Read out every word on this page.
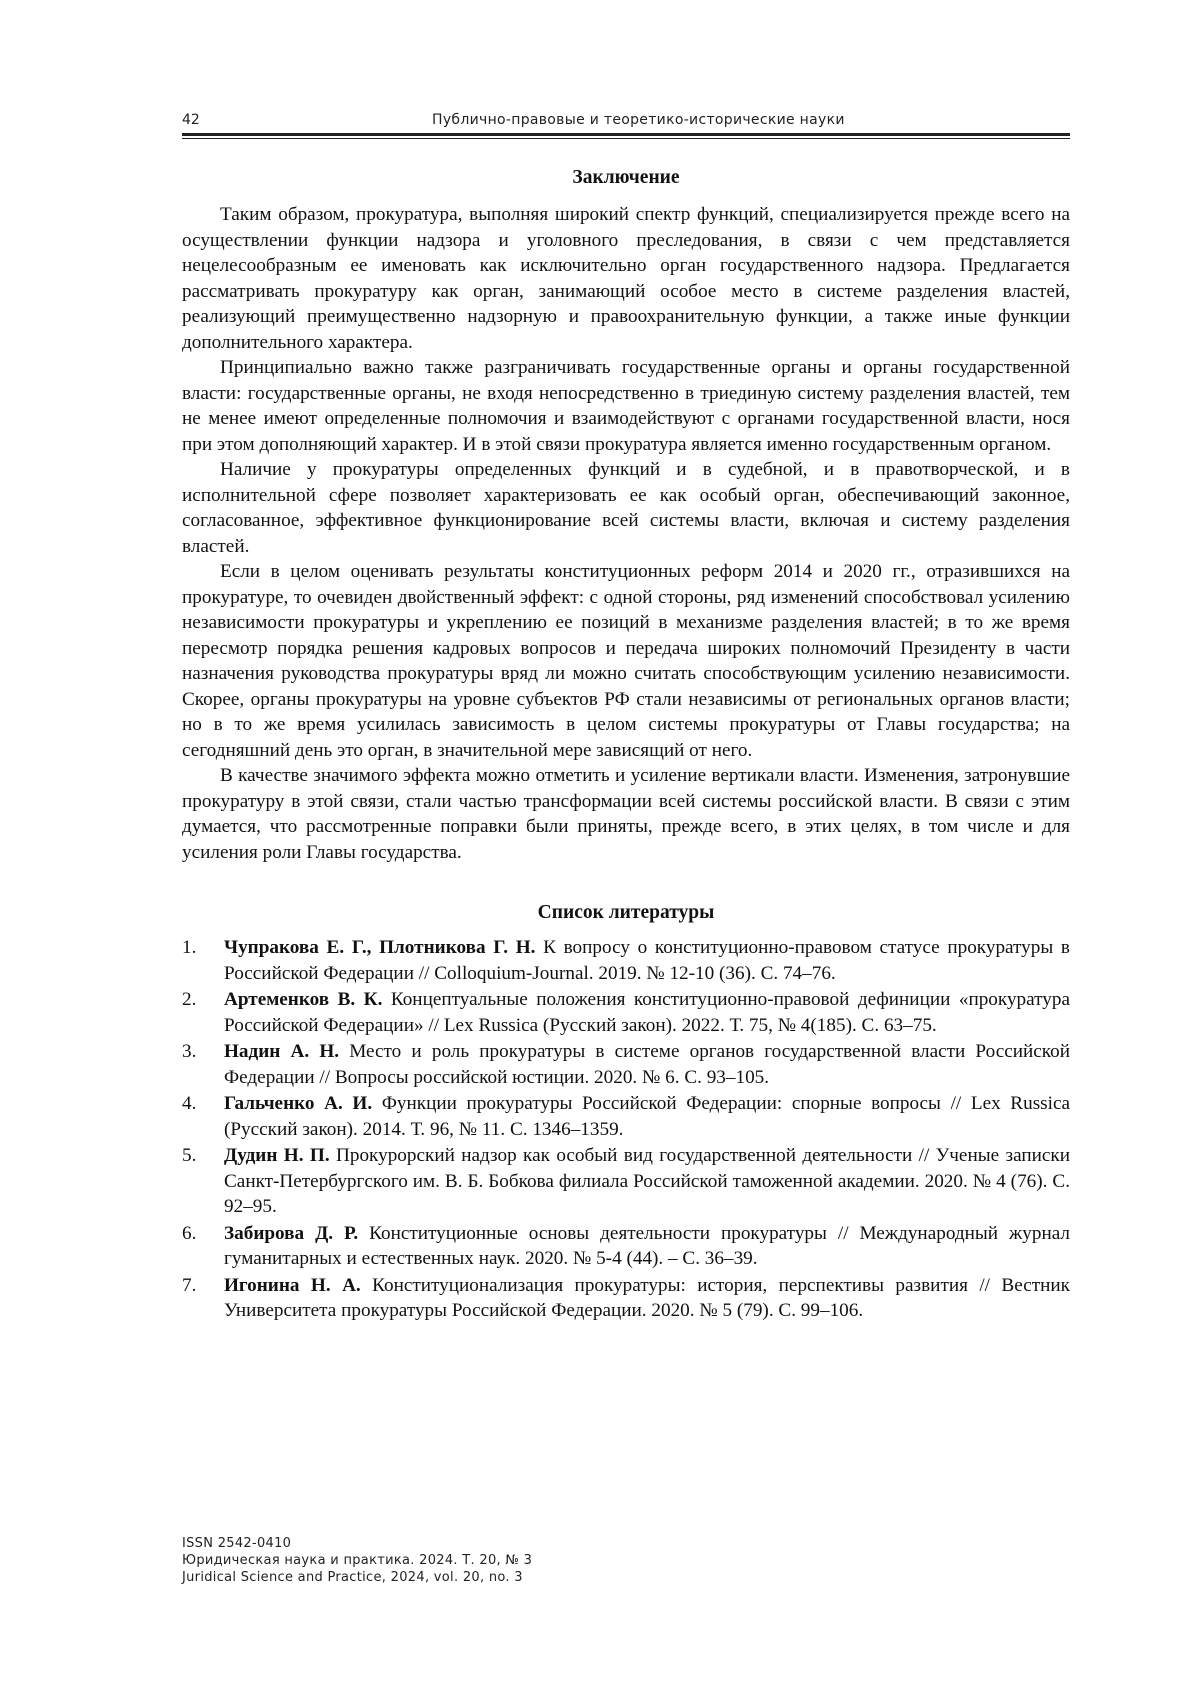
42	Публично-правовые и теоретико-исторические науки
Заключение

Таким образом, прокуратура, выполняя широкий спектр функций, специализируется прежде всего на осуществлении функции надзора и уголовного преследования, в связи с чем представляется нецелесообразным ее именовать как исключительно орган государственного надзора. Предлагается рассматривать прокуратуру как орган, занимающий особое место в системе разделения властей, реализующий преимущественно надзорную и правоохранительную функции, а также иные функции дополнительного характера.

Принципиально важно также разграничивать государственные органы и органы государственной власти: государственные органы, не входя непосредственно в триединую систему разделения властей, тем не менее имеют определенные полномочия и взаимодействуют с органами государственной власти, нося при этом дополняющий характер. И в этой связи прокуратура является именно государственным органом.

Наличие у прокуратуры определенных функций и в судебной, и в правотворческой, и в исполнительной сфере позволяет характеризовать ее как особый орган, обеспечивающий законное, согласованное, эффективное функционирование всей системы власти, включая и систему разделения властей.

Если в целом оценивать результаты конституционных реформ 2014 и 2020 гг., отразившихся на прокуратуре, то очевиден двойственный эффект: с одной стороны, ряд изменений способствовал усилению независимости прокуратуры и укреплению ее позиций в механизме разделения властей; в то же время пересмотр порядка решения кадровых вопросов и передача широких полномочий Президенту в части назначения руководства прокуратуры вряд ли можно считать способствующим усилению независимости. Скорее, органы прокуратуры на уровне субъектов РФ стали независимы от региональных органов власти; но в то же время усилилась зависимость в целом системы прокуратуры от Главы государства; на сегодняшний день это орган, в значительной мере зависящий от него.

В качестве значимого эффекта можно отметить и усиление вертикали власти. Изменения, затронувшие прокуратуру в этой связи, стали частью трансформации всей системы российской власти. В связи с этим думается, что рассмотренные поправки были приняты, прежде всего, в этих целях, в том числе и для усиления роли Главы государства.

Список литературы
1. Чупракова Е. Г., Плотникова Г. Н. К вопросу о конституционно-правовом статусе прокуратуры в Российской Федерации // Colloquium-Journal. 2019. № 12-10 (36). С. 74–76.
2. Артеменков В. К. Концептуальные положения конституционно-правовой дефиниции «прокуратура Российской Федерации» // Lex Russica (Русский закон). 2022. Т. 75, № 4(185). С. 63–75.
3. Надин А. Н. Место и роль прокуратуры в системе органов государственной власти Российской Федерации // Вопросы российской юстиции. 2020. № 6. С. 93–105.
4. Гальченко А. И. Функции прокуратуры Российской Федерации: спорные вопросы // Lex Russica (Русский закон). 2014. Т. 96, № 11. С. 1346–1359.
5. Дудин Н. П. Прокурорский надзор как особый вид государственной деятельности // Ученые записки Санкт-Петербургского им. В. Б. Бобкова филиала Российской таможенной академии. 2020. № 4 (76). С. 92–95.
6. Забирова Д. Р. Конституционные основы деятельности прокуратуры // Международный журнал гуманитарных и естественных наук. 2020. № 5-4 (44). – С. 36–39.
7. Игонина Н. А. Конституционализация прокуратуры: история, перспективы развития // Вестник Университета прокуратуры Российской Федерации. 2020. № 5 (79). С. 99–106.
ISSN 2542-0410
Юридическая наука и практика. 2024. Т. 20, № 3
Juridical Science and Practice, 2024, vol. 20, no. 3
